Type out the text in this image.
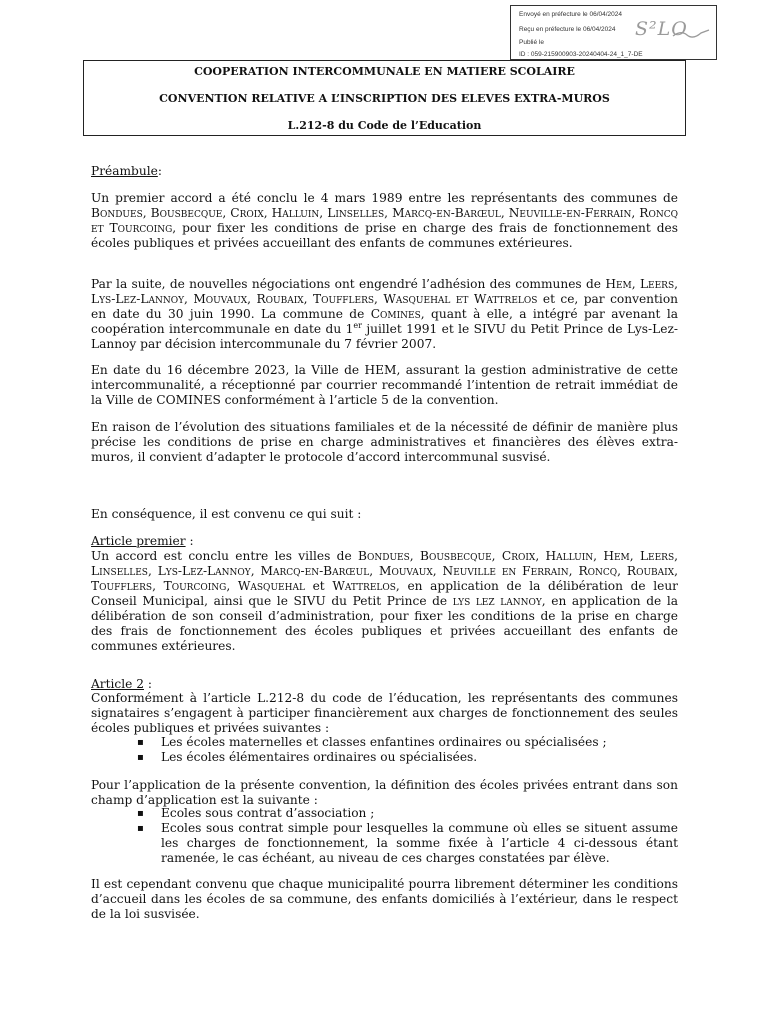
Envoyé en préfecture le 06/04/2024
Reçu en préfecture le 06/04/2024
Publié le
ID : 059-215900903-20240404-24_1_7-DE
S²LO
COOPERATION INTERCOMMUNALE EN MATIERE SCOLAIRE
CONVENTION RELATIVE A L’INSCRIPTION DES ELEVES EXTRA-MUROS
L.212-8 du Code de l’Education

Préambule:

Un premier accord a été conclu le 4 mars 1989 entre les représentants des communes de Bondues, Bousbecque, Croix, Halluin, Linselles, Marcq-en-Barœul, Neuville-en-Ferrain, Roncq et Tourcoing, pour fixer les conditions de prise en charge des frais de fonctionnement des écoles publiques et privées accueillant des enfants de communes extérieures.

Par la suite, de nouvelles négociations ont engendré l’adhésion des communes de Hem, Leers, Lys-Lez-Lannoy, Mouvaux, Roubaix, Toufflers, Wasquehal et Wattrelos et ce, par convention en date du 30 juin 1990. La commune de Comines, quant à elle, a intégré par avenant la coopération intercommunale en date du 1er juillet 1991 et le SIVU du Petit Prince de Lys-Lez-Lannoy par décision intercommunale du 7 février 2007.

En date du 16 décembre 2023, la Ville de HEM, assurant la gestion administrative de cette intercommunalité, a réceptionné par courrier recommandé l’intention de retrait immédiat de la Ville de COMINES conformément à l’article 5 de la convention.

En raison de l’évolution des situations familiales et de la nécessité de définir de manière plus précise les conditions de prise en charge administratives et financières des élèves extra-muros, il convient d’adapter le protocole d’accord intercommunal susvisé.

En conséquence, il est convenu ce qui suit :

Article premier :

Un accord est conclu entre les villes de Bondues, Bousbecque, Croix, Halluin, Hem, Leers, Linselles, Lys-Lez-Lannoy, Marcq-en-Barœul, Mouvaux, Neuville en Ferrain, Roncq, Roubaix, Toufflers, Tourcoing, Wasquehal et Wattrelos, en application de la délibération de leur Conseil Municipal, ainsi que le SIVU du Petit Prince de lys lez lannoy, en application de la délibération de son conseil d’administration, pour fixer les conditions de la prise en charge des frais de fonctionnement des écoles publiques et privées accueillant des enfants de communes extérieures.

Article 2 :

Conformément à l’article L.212-8 du code de l’éducation, les représentants des communes signataires s’engagent à participer financièrement aux charges de fonctionnement des seules écoles publiques et privées suivantes :

▪ Les écoles maternelles et classes enfantines ordinaires ou spécialisées ;
▪ Les écoles élémentaires ordinaires ou spécialisées.

Pour l’application de la présente convention, la définition des écoles privées entrant dans son champ d’application est la suivante :

▪ Ecoles sous contrat d’association ;
▪ Ecoles sous contrat simple pour lesquelles la commune où elles se situent assume les charges de fonctionnement, la somme fixée à l’article 4 ci-dessous étant ramenée, le cas échéant, au niveau de ces charges constatées par élève.

Il est cependant convenu que chaque municipalité pourra librement déterminer les conditions d’accueil dans les écoles de sa commune, des enfants domiciliés à l’extérieur, dans le respect de la loi susvisée.
